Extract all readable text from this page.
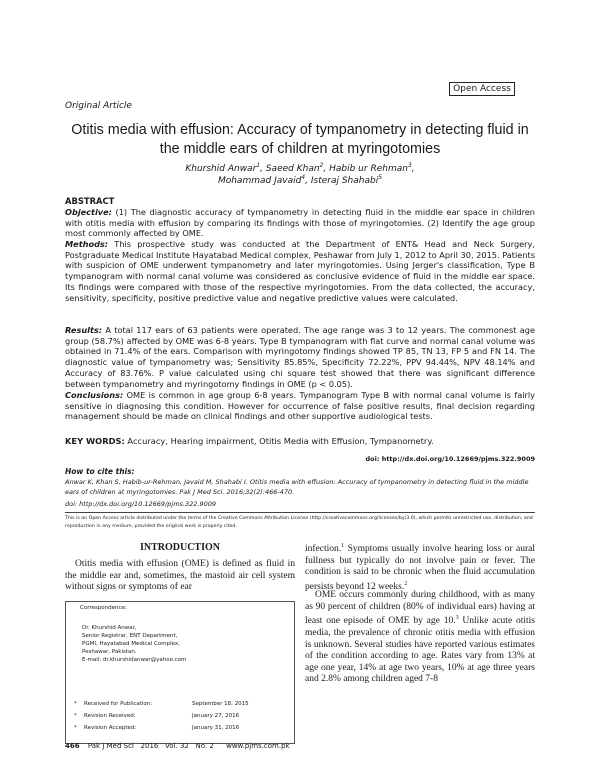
Open Access
Original Article
Otitis media with effusion: Accuracy of tympanometry in detecting fluid in the middle ears of children at myringotomies
Khurshid Anwar$^1$, Saeed Khan$^2$, Habib ur Rehman$^3$,
Mohammad Javaid$^4$, Isteraj Shahabi$^5$
ABSTRACT
Objective: (1) The diagnostic accuracy of tympanometry in detecting fluid in the middle ear space in children with otitis media with effusion by comparing its findings with those of myringotomies. (2) Identify the age group most commonly affected by OME.
Methods: This prospective study was conducted at the Department of ENT& Head and Neck Surgery, Postgraduate Medical Institute Hayatabad Medical complex, Peshawar from July 1, 2012 to April 30, 2015. Patients with suspicion of OME underwent tympanometry and later myringotomies. Using Jerger's classification, Type B tympanogram with normal canal volume was considered as conclusive evidence of fluid in the middle ear space. Its findings were compared with those of the respective myringotomies. From the data collected, the accuracy, sensitivity, specificity, positive predictive value and negative predictive values were calculated.
Results: A total 117 ears of 63 patients were operated. The age range was 3 to 12 years. The commonest age group (58.7%) affected by OME was 6-8 years. Type B tympanogram with flat curve and normal canal volume was obtained in 71.4% of the ears. Comparison with myringotomy findings showed TP 85, TN 13, FP 5 and FN 14. The diagnostic value of tympanometry was; Sensitivity 85.85%, Specificity 72.22%, PPV 94.44%, NPV 48.14% and Accuracy of 83.76%. P value calculated using chi square test showed that there was significant difference between tympanometry and myringotomy findings in OME (p < 0.05).
Conclusions: OME is common in age group 6-8 years. Tympanogram Type B with normal canal volume is fairly sensitive in diagnosing this condition. However for occurrence of false positive results, final decision regarding management should be made on clinical findings and other supportive audiological tests.
KEY WORDS: Accuracy, Hearing impairment, Otitis Media with Effusion, Tympanometry.
doi: http://dx.doi.org/10.12669/pjms.322.9009
How to cite this:
Anwar K, Khan S, Habib-ur-Rehman, Javaid M, Shahabi I. Otitis media with effusion: Accuracy of tympanometry in detecting fluid in the middle ears of children at myringotomies. Pak J Med Sci. 2016;32(2):466-470.
doi: http://dx.doi.org/10.12669/pjms.322.9009
This is an Open Access article distributed under the terms of the Creative Commons Attribution License (http://creativecommons.org/licenses/by/3.0), which permits unrestricted use, distribution, and reproduction in any medium, provided the original work is properly cited.
INTRODUCTION
Otitis media with effusion (OME) is defined as fluid in the middle ear and, sometimes, the mastoid air cell system without signs or symptoms of ear
Correspondence:
Dr. Khurshid Anwar,
Senior Registrar, ENT Department,
PGMI, Hayatabad Medical Complex,
Peshawar, Pakistan.
E-mail: dr.khurshidanwar@yahoo.com
*	Received for Publication:	September 18, 2015
*	Revision Received:	January 27, 2016
*	Revision Accepted:	January 31, 2016
infection.$^1$ Symptoms usually involve hearing loss or aural fullness but typically do not involve pain or fever. The condition is said to be chronic when the fluid accumulation persists beyond 12 weeks.$^2$
OME occurs commonly during childhood, with as many as 90 percent of children (80% of individual ears) having at least one episode of OME by age 10.$^3$ Unlike acute otitis media, the prevalence of chronic otitis media with effusion is unknown. Several studies have reported various estimates of the condition according to age. Rates vary from 13% at age one year, 14% at age two years, 10% at age three years and 2.8% among children aged 7-8
466 Pak J Med Sci   2016   Vol. 32   No. 2 www.pjms.com.pk
